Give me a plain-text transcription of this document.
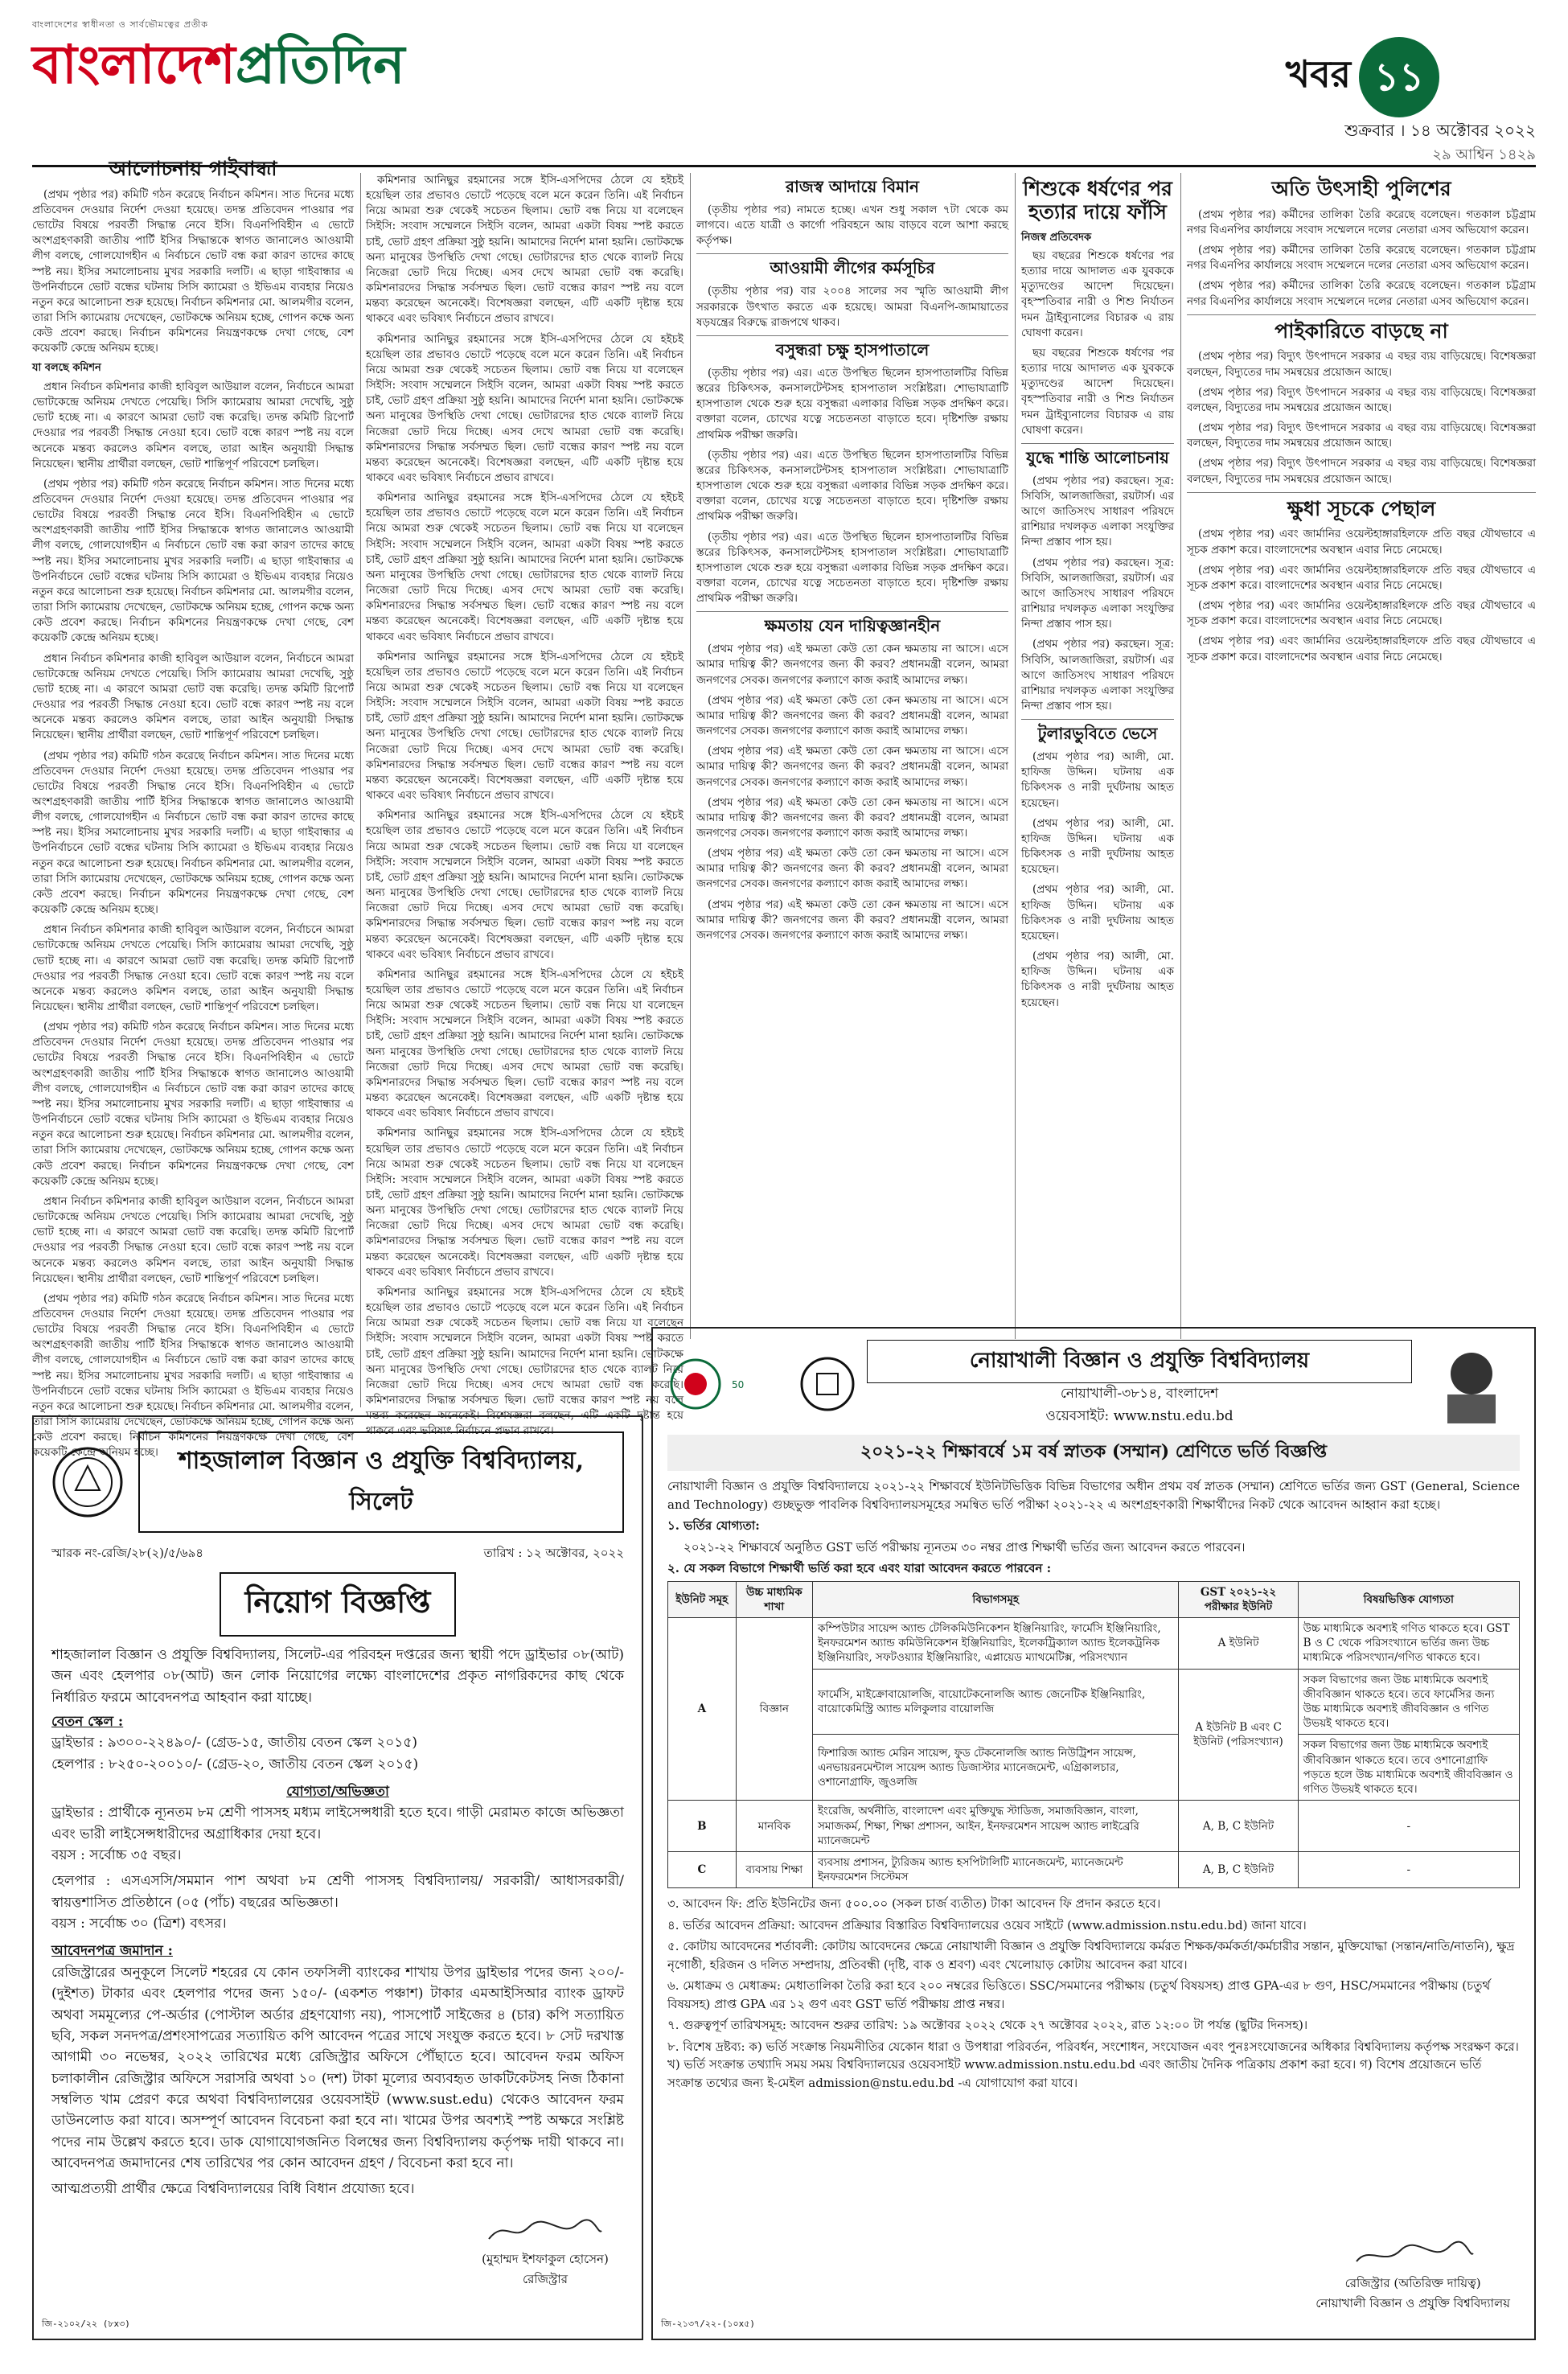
বাংলাদেশের স্বাধীনতা ও সার্বভৌমত্বের প্রতীক
বাংলাদেশপ্রতিদিন	খবর ১১
শুক্রবার । ১৪ অক্টোবর ২০২২
২৯ আশ্বিন ১৪২৯
আলোচনায় গাইবান্ধা

(প্রথম পৃষ্ঠার পর) কমিটি গঠন করেছে নির্বাচন কমিশন। সাত দিনের মধ্যে প্রতিবেদন দেওয়ার নির্দেশ দেওয়া হয়েছে। তদন্ত প্রতিবেদন পাওয়ার পর ভোটের বিষয়ে পরবর্তী সিদ্ধান্ত নেবে ইসি। বিএনপিবিহীন এ ভোটে অংশগ্রহণকারী জাতীয় পার্টি ইসির সিদ্ধান্তকে স্বাগত জানালেও আওয়ামী লীগ বলছে, গোলযোগহীন এ নির্বাচনে ভোট বন্ধ করা কারণ তাদের কাছে স্পষ্ট নয়। ইসির সমালোচনায় মুখর সরকারি দলটি। এ ছাড়া গাইবান্ধার এ উপনির্বাচনে ভোট বন্ধের ঘটনায় সিসি ক্যামেরা ও ইভিএম ব্যবহার নিয়েও নতুন করে আলোচনা শুরু হয়েছে। নির্বাচন কমিশনার মো. আলমগীর বলেন, তারা সিসি ক্যামেরায় দেখেছেন, ভোটকক্ষে অনিয়ম হচ্ছে, গোপন কক্ষে অন্য কেউ প্রবেশ করছে। নির্বাচন কমিশনের নিয়ন্ত্রণকক্ষে দেখা গেছে, বেশ কয়েকটি কেন্দ্রে অনিয়ম হচ্ছে।

যা বলছে কমিশন

প্রধান নির্বাচন কমিশনার কাজী হাবিবুল আউয়াল বলেন, নির্বাচনে আমরা ভোটকেন্দ্রে অনিয়ম দেখতে পেয়েছি। সিসি ক্যামেরায় আমরা দেখেছি, সুষ্ঠু ভোট হচ্ছে না। এ কারণে আমরা ভোট বন্ধ করেছি। তদন্ত কমিটি রিপোর্ট দেওয়ার পর পরবর্তী সিদ্ধান্ত নেওয়া হবে। ভোট বন্ধে কারণ স্পষ্ট নয় বলে অনেকে মন্তব্য করলেও কমিশন বলছে, তারা আইন অনুযায়ী সিদ্ধান্ত নিয়েছেন। স্থানীয় প্রার্থীরা বলছেন, ভোট শান্তিপূর্ণ পরিবেশে চলছিল।

(প্রথম পৃষ্ঠার পর) কমিটি গঠন করেছে নির্বাচন কমিশন। সাত দিনের মধ্যে প্রতিবেদন দেওয়ার নির্দেশ দেওয়া হয়েছে। তদন্ত প্রতিবেদন পাওয়ার পর ভোটের বিষয়ে পরবর্তী সিদ্ধান্ত নেবে ইসি। বিএনপিবিহীন এ ভোটে অংশগ্রহণকারী জাতীয় পার্টি ইসির সিদ্ধান্তকে স্বাগত জানালেও আওয়ামী লীগ বলছে, গোলযোগহীন এ নির্বাচনে ভোট বন্ধ করা কারণ তাদের কাছে স্পষ্ট নয়। ইসির সমালোচনায় মুখর সরকারি দলটি। এ ছাড়া গাইবান্ধার এ উপনির্বাচনে ভোট বন্ধের ঘটনায় সিসি ক্যামেরা ও ইভিএম ব্যবহার নিয়েও নতুন করে আলোচনা শুরু হয়েছে। নির্বাচন কমিশনার মো. আলমগীর বলেন, তারা সিসি ক্যামেরায় দেখেছেন, ভোটকক্ষে অনিয়ম হচ্ছে, গোপন কক্ষে অন্য কেউ প্রবেশ করছে। নির্বাচন কমিশনের নিয়ন্ত্রণকক্ষে দেখা গেছে, বেশ কয়েকটি কেন্দ্রে অনিয়ম হচ্ছে।

প্রধান নির্বাচন কমিশনার কাজী হাবিবুল আউয়াল বলেন, নির্বাচনে আমরা ভোটকেন্দ্রে অনিয়ম দেখতে পেয়েছি। সিসি ক্যামেরায় আমরা দেখেছি, সুষ্ঠু ভোট হচ্ছে না। এ কারণে আমরা ভোট বন্ধ করেছি। তদন্ত কমিটি রিপোর্ট দেওয়ার পর পরবর্তী সিদ্ধান্ত নেওয়া হবে। ভোট বন্ধে কারণ স্পষ্ট নয় বলে অনেকে মন্তব্য করলেও কমিশন বলছে, তারা আইন অনুযায়ী সিদ্ধান্ত নিয়েছেন। স্থানীয় প্রার্থীরা বলছেন, ভোট শান্তিপূর্ণ পরিবেশে চলছিল।

(প্রথম পৃষ্ঠার পর) কমিটি গঠন করেছে নির্বাচন কমিশন। সাত দিনের মধ্যে প্রতিবেদন দেওয়ার নির্দেশ দেওয়া হয়েছে। তদন্ত প্রতিবেদন পাওয়ার পর ভোটের বিষয়ে পরবর্তী সিদ্ধান্ত নেবে ইসি। বিএনপিবিহীন এ ভোটে অংশগ্রহণকারী জাতীয় পার্টি ইসির সিদ্ধান্তকে স্বাগত জানালেও আওয়ামী লীগ বলছে, গোলযোগহীন এ নির্বাচনে ভোট বন্ধ করা কারণ তাদের কাছে স্পষ্ট নয়। ইসির সমালোচনায় মুখর সরকারি দলটি। এ ছাড়া গাইবান্ধার এ উপনির্বাচনে ভোট বন্ধের ঘটনায় সিসি ক্যামেরা ও ইভিএম ব্যবহার নিয়েও নতুন করে আলোচনা শুরু হয়েছে। নির্বাচন কমিশনার মো. আলমগীর বলেন, তারা সিসি ক্যামেরায় দেখেছেন, ভোটকক্ষে অনিয়ম হচ্ছে, গোপন কক্ষে অন্য কেউ প্রবেশ করছে। নির্বাচন কমিশনের নিয়ন্ত্রণকক্ষে দেখা গেছে, বেশ কয়েকটি কেন্দ্রে অনিয়ম হচ্ছে।

প্রধান নির্বাচন কমিশনার কাজী হাবিবুল আউয়াল বলেন, নির্বাচনে আমরা ভোটকেন্দ্রে অনিয়ম দেখতে পেয়েছি। সিসি ক্যামেরায় আমরা দেখেছি, সুষ্ঠু ভোট হচ্ছে না। এ কারণে আমরা ভোট বন্ধ করেছি। তদন্ত কমিটি রিপোর্ট দেওয়ার পর পরবর্তী সিদ্ধান্ত নেওয়া হবে। ভোট বন্ধে কারণ স্পষ্ট নয় বলে অনেকে মন্তব্য করলেও কমিশন বলছে, তারা আইন অনুযায়ী সিদ্ধান্ত নিয়েছেন। স্থানীয় প্রার্থীরা বলছেন, ভোট শান্তিপূর্ণ পরিবেশে চলছিল।

(প্রথম পৃষ্ঠার পর) কমিটি গঠন করেছে নির্বাচন কমিশন। সাত দিনের মধ্যে প্রতিবেদন দেওয়ার নির্দেশ দেওয়া হয়েছে। তদন্ত প্রতিবেদন পাওয়ার পর ভোটের বিষয়ে পরবর্তী সিদ্ধান্ত নেবে ইসি। বিএনপিবিহীন এ ভোটে অংশগ্রহণকারী জাতীয় পার্টি ইসির সিদ্ধান্তকে স্বাগত জানালেও আওয়ামী লীগ বলছে, গোলযোগহীন এ নির্বাচনে ভোট বন্ধ করা কারণ তাদের কাছে স্পষ্ট নয়। ইসির সমালোচনায় মুখর সরকারি দলটি। এ ছাড়া গাইবান্ধার এ উপনির্বাচনে ভোট বন্ধের ঘটনায় সিসি ক্যামেরা ও ইভিএম ব্যবহার নিয়েও নতুন করে আলোচনা শুরু হয়েছে। নির্বাচন কমিশনার মো. আলমগীর বলেন, তারা সিসি ক্যামেরায় দেখেছেন, ভোটকক্ষে অনিয়ম হচ্ছে, গোপন কক্ষে অন্য কেউ প্রবেশ করছে। নির্বাচন কমিশনের নিয়ন্ত্রণকক্ষে দেখা গেছে, বেশ কয়েকটি কেন্দ্রে অনিয়ম হচ্ছে।

প্রধান নির্বাচন কমিশনার কাজী হাবিবুল আউয়াল বলেন, নির্বাচনে আমরা ভোটকেন্দ্রে অনিয়ম দেখতে পেয়েছি। সিসি ক্যামেরায় আমরা দেখেছি, সুষ্ঠু ভোট হচ্ছে না। এ কারণে আমরা ভোট বন্ধ করেছি। তদন্ত কমিটি রিপোর্ট দেওয়ার পর পরবর্তী সিদ্ধান্ত নেওয়া হবে। ভোট বন্ধে কারণ স্পষ্ট নয় বলে অনেকে মন্তব্য করলেও কমিশন বলছে, তারা আইন অনুযায়ী সিদ্ধান্ত নিয়েছেন। স্থানীয় প্রার্থীরা বলছেন, ভোট শান্তিপূর্ণ পরিবেশে চলছিল।

(প্রথম পৃষ্ঠার পর) কমিটি গঠন করেছে নির্বাচন কমিশন। সাত দিনের মধ্যে প্রতিবেদন দেওয়ার নির্দেশ দেওয়া হয়েছে। তদন্ত প্রতিবেদন পাওয়ার পর ভোটের বিষয়ে পরবর্তী সিদ্ধান্ত নেবে ইসি। বিএনপিবিহীন এ ভোটে অংশগ্রহণকারী জাতীয় পার্টি ইসির সিদ্ধান্তকে স্বাগত জানালেও আওয়ামী লীগ বলছে, গোলযোগহীন এ নির্বাচনে ভোট বন্ধ করা কারণ তাদের কাছে স্পষ্ট নয়। ইসির সমালোচনায় মুখর সরকারি দলটি। এ ছাড়া গাইবান্ধার এ উপনির্বাচনে ভোট বন্ধের ঘটনায় সিসি ক্যামেরা ও ইভিএম ব্যবহার নিয়েও নতুন করে আলোচনা শুরু হয়েছে। নির্বাচন কমিশনার মো. আলমগীর বলেন, তারা সিসি ক্যামেরায় দেখেছেন, ভোটকক্ষে অনিয়ম হচ্ছে, গোপন কক্ষে অন্য কেউ প্রবেশ করছে। নির্বাচন কমিশনের নিয়ন্ত্রণকক্ষে দেখা গেছে, বেশ কয়েকটি কেন্দ্রে অনিয়ম হচ্ছে।

কমিশনার আনিছুর রহমানের সঙ্গে ইসি-এসপিদের ঠেলে যে হইচই হয়েছিল তার প্রভাবও ভোটে পড়েছে বলে মনে করেন তিনি। এই নির্বাচন নিয়ে আমরা শুরু থেকেই সচেতন ছিলাম। ভোট বন্ধ নিয়ে যা বলেছেন সিইসি: সংবাদ সম্মেলনে সিইসি বলেন, আমরা একটা বিষয় স্পষ্ট করতে চাই, ভোট গ্রহণ প্রক্রিয়া সুষ্ঠু হয়নি। আমাদের নির্দেশ মানা হয়নি। ভোটকক্ষে অন্য মানুষের উপস্থিতি দেখা গেছে। ভোটারদের হাত থেকে ব্যালট নিয়ে নিজেরা ভোট দিয়ে দিচ্ছে। এসব দেখে আমরা ভোট বন্ধ করেছি। কমিশনারদের সিদ্ধান্ত সর্বসম্মত ছিল। ভোট বন্ধের কারণ স্পষ্ট নয় বলে মন্তব্য করেছেন অনেকেই। বিশেষজ্ঞরা বলছেন, এটি একটি দৃষ্টান্ত হয়ে থাকবে এবং ভবিষ্যৎ নির্বাচনে প্রভাব রাখবে।

কমিশনার আনিছুর রহমানের সঙ্গে ইসি-এসপিদের ঠেলে যে হইচই হয়েছিল তার প্রভাবও ভোটে পড়েছে বলে মনে করেন তিনি। এই নির্বাচন নিয়ে আমরা শুরু থেকেই সচেতন ছিলাম। ভোট বন্ধ নিয়ে যা বলেছেন সিইসি: সংবাদ সম্মেলনে সিইসি বলেন, আমরা একটা বিষয় স্পষ্ট করতে চাই, ভোট গ্রহণ প্রক্রিয়া সুষ্ঠু হয়নি। আমাদের নির্দেশ মানা হয়নি। ভোটকক্ষে অন্য মানুষের উপস্থিতি দেখা গেছে। ভোটারদের হাত থেকে ব্যালট নিয়ে নিজেরা ভোট দিয়ে দিচ্ছে। এসব দেখে আমরা ভোট বন্ধ করেছি। কমিশনারদের সিদ্ধান্ত সর্বসম্মত ছিল। ভোট বন্ধের কারণ স্পষ্ট নয় বলে মন্তব্য করেছেন অনেকেই। বিশেষজ্ঞরা বলছেন, এটি একটি দৃষ্টান্ত হয়ে থাকবে এবং ভবিষ্যৎ নির্বাচনে প্রভাব রাখবে।

কমিশনার আনিছুর রহমানের সঙ্গে ইসি-এসপিদের ঠেলে যে হইচই হয়েছিল তার প্রভাবও ভোটে পড়েছে বলে মনে করেন তিনি। এই নির্বাচন নিয়ে আমরা শুরু থেকেই সচেতন ছিলাম। ভোট বন্ধ নিয়ে যা বলেছেন সিইসি: সংবাদ সম্মেলনে সিইসি বলেন, আমরা একটা বিষয় স্পষ্ট করতে চাই, ভোট গ্রহণ প্রক্রিয়া সুষ্ঠু হয়নি। আমাদের নির্দেশ মানা হয়নি। ভোটকক্ষে অন্য মানুষের উপস্থিতি দেখা গেছে। ভোটারদের হাত থেকে ব্যালট নিয়ে নিজেরা ভোট দিয়ে দিচ্ছে। এসব দেখে আমরা ভোট বন্ধ করেছি। কমিশনারদের সিদ্ধান্ত সর্বসম্মত ছিল। ভোট বন্ধের কারণ স্পষ্ট নয় বলে মন্তব্য করেছেন অনেকেই। বিশেষজ্ঞরা বলছেন, এটি একটি দৃষ্টান্ত হয়ে থাকবে এবং ভবিষ্যৎ নির্বাচনে প্রভাব রাখবে।

কমিশনার আনিছুর রহমানের সঙ্গে ইসি-এসপিদের ঠেলে যে হইচই হয়েছিল তার প্রভাবও ভোটে পড়েছে বলে মনে করেন তিনি। এই নির্বাচন নিয়ে আমরা শুরু থেকেই সচেতন ছিলাম। ভোট বন্ধ নিয়ে যা বলেছেন সিইসি: সংবাদ সম্মেলনে সিইসি বলেন, আমরা একটা বিষয় স্পষ্ট করতে চাই, ভোট গ্রহণ প্রক্রিয়া সুষ্ঠু হয়নি। আমাদের নির্দেশ মানা হয়নি। ভোটকক্ষে অন্য মানুষের উপস্থিতি দেখা গেছে। ভোটারদের হাত থেকে ব্যালট নিয়ে নিজেরা ভোট দিয়ে দিচ্ছে। এসব দেখে আমরা ভোট বন্ধ করেছি। কমিশনারদের সিদ্ধান্ত সর্বসম্মত ছিল। ভোট বন্ধের কারণ স্পষ্ট নয় বলে মন্তব্য করেছেন অনেকেই। বিশেষজ্ঞরা বলছেন, এটি একটি দৃষ্টান্ত হয়ে থাকবে এবং ভবিষ্যৎ নির্বাচনে প্রভাব রাখবে।

কমিশনার আনিছুর রহমানের সঙ্গে ইসি-এসপিদের ঠেলে যে হইচই হয়েছিল তার প্রভাবও ভোটে পড়েছে বলে মনে করেন তিনি। এই নির্বাচন নিয়ে আমরা শুরু থেকেই সচেতন ছিলাম। ভোট বন্ধ নিয়ে যা বলেছেন সিইসি: সংবাদ সম্মেলনে সিইসি বলেন, আমরা একটা বিষয় স্পষ্ট করতে চাই, ভোট গ্রহণ প্রক্রিয়া সুষ্ঠু হয়নি। আমাদের নির্দেশ মানা হয়নি। ভোটকক্ষে অন্য মানুষের উপস্থিতি দেখা গেছে। ভোটারদের হাত থেকে ব্যালট নিয়ে নিজেরা ভোট দিয়ে দিচ্ছে। এসব দেখে আমরা ভোট বন্ধ করেছি। কমিশনারদের সিদ্ধান্ত সর্বসম্মত ছিল। ভোট বন্ধের কারণ স্পষ্ট নয় বলে মন্তব্য করেছেন অনেকেই। বিশেষজ্ঞরা বলছেন, এটি একটি দৃষ্টান্ত হয়ে থাকবে এবং ভবিষ্যৎ নির্বাচনে প্রভাব রাখবে।

কমিশনার আনিছুর রহমানের সঙ্গে ইসি-এসপিদের ঠেলে যে হইচই হয়েছিল তার প্রভাবও ভোটে পড়েছে বলে মনে করেন তিনি। এই নির্বাচন নিয়ে আমরা শুরু থেকেই সচেতন ছিলাম। ভোট বন্ধ নিয়ে যা বলেছেন সিইসি: সংবাদ সম্মেলনে সিইসি বলেন, আমরা একটা বিষয় স্পষ্ট করতে চাই, ভোট গ্রহণ প্রক্রিয়া সুষ্ঠু হয়নি। আমাদের নির্দেশ মানা হয়নি। ভোটকক্ষে অন্য মানুষের উপস্থিতি দেখা গেছে। ভোটারদের হাত থেকে ব্যালট নিয়ে নিজেরা ভোট দিয়ে দিচ্ছে। এসব দেখে আমরা ভোট বন্ধ করেছি। কমিশনারদের সিদ্ধান্ত সর্বসম্মত ছিল। ভোট বন্ধের কারণ স্পষ্ট নয় বলে মন্তব্য করেছেন অনেকেই। বিশেষজ্ঞরা বলছেন, এটি একটি দৃষ্টান্ত হয়ে থাকবে এবং ভবিষ্যৎ নির্বাচনে প্রভাব রাখবে।

কমিশনার আনিছুর রহমানের সঙ্গে ইসি-এসপিদের ঠেলে যে হইচই হয়েছিল তার প্রভাবও ভোটে পড়েছে বলে মনে করেন তিনি। এই নির্বাচন নিয়ে আমরা শুরু থেকেই সচেতন ছিলাম। ভোট বন্ধ নিয়ে যা বলেছেন সিইসি: সংবাদ সম্মেলনে সিইসি বলেন, আমরা একটা বিষয় স্পষ্ট করতে চাই, ভোট গ্রহণ প্রক্রিয়া সুষ্ঠু হয়নি। আমাদের নির্দেশ মানা হয়নি। ভোটকক্ষে অন্য মানুষের উপস্থিতি দেখা গেছে। ভোটারদের হাত থেকে ব্যালট নিয়ে নিজেরা ভোট দিয়ে দিচ্ছে। এসব দেখে আমরা ভোট বন্ধ করেছি। কমিশনারদের সিদ্ধান্ত সর্বসম্মত ছিল। ভোট বন্ধের কারণ স্পষ্ট নয় বলে মন্তব্য করেছেন অনেকেই। বিশেষজ্ঞরা বলছেন, এটি একটি দৃষ্টান্ত হয়ে থাকবে এবং ভবিষ্যৎ নির্বাচনে প্রভাব রাখবে।

কমিশনার আনিছুর রহমানের সঙ্গে ইসি-এসপিদের ঠেলে যে হইচই হয়েছিল তার প্রভাবও ভোটে পড়েছে বলে মনে করেন তিনি। এই নির্বাচন নিয়ে আমরা শুরু থেকেই সচেতন ছিলাম। ভোট বন্ধ নিয়ে যা বলেছেন সিইসি: সংবাদ সম্মেলনে সিইসি বলেন, আমরা একটা বিষয় স্পষ্ট করতে চাই, ভোট গ্রহণ প্রক্রিয়া সুষ্ঠু হয়নি। আমাদের নির্দেশ মানা হয়নি। ভোটকক্ষে অন্য মানুষের উপস্থিতি দেখা গেছে। ভোটারদের হাত থেকে ব্যালট নিয়ে নিজেরা ভোট দিয়ে দিচ্ছে। এসব দেখে আমরা ভোট বন্ধ করেছি। কমিশনারদের সিদ্ধান্ত সর্বসম্মত ছিল। ভোট বন্ধের কারণ স্পষ্ট নয় বলে মন্তব্য করেছেন অনেকেই। বিশেষজ্ঞরা বলছেন, এটি একটি দৃষ্টান্ত হয়ে থাকবে এবং ভবিষ্যৎ নির্বাচনে প্রভাব রাখবে।

রাজস্ব আদায়ে বিমান

(তৃতীয় পৃষ্ঠার পর) নামতে হচ্ছে। এখন শুধু সকাল ৭টা থেকে কম লাগবে। এতে যাত্রী ও কার্গো পরিবহনে আয় বাড়বে বলে আশা করছে কর্তৃপক্ষ।

আওয়ামী লীগের কর্মসূচির

(তৃতীয় পৃষ্ঠার পর) বার ২০০৪ সালের সব স্মৃতি আওয়ামী লীগ সরকারকে উৎখাত করতে এক হয়েছে। আমরা বিএনপি-জামায়াতের ষড়যন্ত্রের বিরুদ্ধে রাজপথে থাকব।

বসুন্ধরা চক্ষু হাসপাতালে

(তৃতীয় পৃষ্ঠার পর) এর। এতে উপস্থিত ছিলেন হাসপাতালটির বিভিন্ন স্তরের চিকিৎসক, কনসালটেন্টসহ হাসপাতাল সংশ্লিষ্টরা। শোভাযাত্রাটি হাসপাতাল থেকে শুরু হয়ে বসুন্ধরা এলাকার বিভিন্ন সড়ক প্রদক্ষিণ করে। বক্তারা বলেন, চোখের যত্নে সচেতনতা বাড়াতে হবে। দৃষ্টিশক্তি রক্ষায় প্রাথমিক পরীক্ষা জরুরি।

(তৃতীয় পৃষ্ঠার পর) এর। এতে উপস্থিত ছিলেন হাসপাতালটির বিভিন্ন স্তরের চিকিৎসক, কনসালটেন্টসহ হাসপাতাল সংশ্লিষ্টরা। শোভাযাত্রাটি হাসপাতাল থেকে শুরু হয়ে বসুন্ধরা এলাকার বিভিন্ন সড়ক প্রদক্ষিণ করে। বক্তারা বলেন, চোখের যত্নে সচেতনতা বাড়াতে হবে। দৃষ্টিশক্তি রক্ষায় প্রাথমিক পরীক্ষা জরুরি।

(তৃতীয় পৃষ্ঠার পর) এর। এতে উপস্থিত ছিলেন হাসপাতালটির বিভিন্ন স্তরের চিকিৎসক, কনসালটেন্টসহ হাসপাতাল সংশ্লিষ্টরা। শোভাযাত্রাটি হাসপাতাল থেকে শুরু হয়ে বসুন্ধরা এলাকার বিভিন্ন সড়ক প্রদক্ষিণ করে। বক্তারা বলেন, চোখের যত্নে সচেতনতা বাড়াতে হবে। দৃষ্টিশক্তি রক্ষায় প্রাথমিক পরীক্ষা জরুরি।

ক্ষমতায় যেন দায়িত্বজ্ঞানহীন

(প্রথম পৃষ্ঠার পর) এই ক্ষমতা কেউ তো কেন ক্ষমতায় না আসে। এসে আমার দায়িত্ব কী? জনগণের জন্য কী করব? প্রধানমন্ত্রী বলেন, আমরা জনগণের সেবক। জনগণের কল্যাণে কাজ করাই আমাদের লক্ষ্য।

(প্রথম পৃষ্ঠার পর) এই ক্ষমতা কেউ তো কেন ক্ষমতায় না আসে। এসে আমার দায়িত্ব কী? জনগণের জন্য কী করব? প্রধানমন্ত্রী বলেন, আমরা জনগণের সেবক। জনগণের কল্যাণে কাজ করাই আমাদের লক্ষ্য।

(প্রথম পৃষ্ঠার পর) এই ক্ষমতা কেউ তো কেন ক্ষমতায় না আসে। এসে আমার দায়িত্ব কী? জনগণের জন্য কী করব? প্রধানমন্ত্রী বলেন, আমরা জনগণের সেবক। জনগণের কল্যাণে কাজ করাই আমাদের লক্ষ্য।

(প্রথম পৃষ্ঠার পর) এই ক্ষমতা কেউ তো কেন ক্ষমতায় না আসে। এসে আমার দায়িত্ব কী? জনগণের জন্য কী করব? প্রধানমন্ত্রী বলেন, আমরা জনগণের সেবক। জনগণের কল্যাণে কাজ করাই আমাদের লক্ষ্য।

(প্রথম পৃষ্ঠার পর) এই ক্ষমতা কেউ তো কেন ক্ষমতায় না আসে। এসে আমার দায়িত্ব কী? জনগণের জন্য কী করব? প্রধানমন্ত্রী বলেন, আমরা জনগণের সেবক। জনগণের কল্যাণে কাজ করাই আমাদের লক্ষ্য।

(প্রথম পৃষ্ঠার পর) এই ক্ষমতা কেউ তো কেন ক্ষমতায় না আসে। এসে আমার দায়িত্ব কী? জনগণের জন্য কী করব? প্রধানমন্ত্রী বলেন, আমরা জনগণের সেবক। জনগণের কল্যাণে কাজ করাই আমাদের লক্ষ্য।

শিশুকে ধর্ষণের পর হত্যার দায়ে ফাঁসি
নিজস্ব প্রতিবেদক

ছয় বছরের শিশুকে ধর্ষণের পর হত্যার দায়ে আদালত এক যুবককে মৃত্যুদণ্ডের আদেশ দিয়েছেন। বৃহস্পতিবার নারী ও শিশু নির্যাতন দমন ট্রাইব্যুনালের বিচারক এ রায় ঘোষণা করেন।

ছয় বছরের শিশুকে ধর্ষণের পর হত্যার দায়ে আদালত এক যুবককে মৃত্যুদণ্ডের আদেশ দিয়েছেন। বৃহস্পতিবার নারী ও শিশু নির্যাতন দমন ট্রাইব্যুনালের বিচারক এ রায় ঘোষণা করেন।

যুদ্ধে শান্তি আলোচনায়

(প্রথম পৃষ্ঠার পর) করছেন। সূত্র: সিবিসি, আলজাজিরা, রয়টার্স। এর আগে জাতিসংঘ সাধারণ পরিষদে রাশিয়ার দখলকৃত এলাকা সংযুক্তির নিন্দা প্রস্তাব পাস হয়।

(প্রথম পৃষ্ঠার পর) করছেন। সূত্র: সিবিসি, আলজাজিরা, রয়টার্স। এর আগে জাতিসংঘ সাধারণ পরিষদে রাশিয়ার দখলকৃত এলাকা সংযুক্তির নিন্দা প্রস্তাব পাস হয়।

(প্রথম পৃষ্ঠার পর) করছেন। সূত্র: সিবিসি, আলজাজিরা, রয়টার্স। এর আগে জাতিসংঘ সাধারণ পরিষদে রাশিয়ার দখলকৃত এলাকা সংযুক্তির নিন্দা প্রস্তাব পাস হয়।

টুলারভুবিতে ভেসে

(প্রথম পৃষ্ঠার পর) আলী, মো. হাফিজ উদ্দিন। ঘটনায় এক চিকিৎসক ও নারী দুর্ঘটনায় আহত হয়েছেন।

(প্রথম পৃষ্ঠার পর) আলী, মো. হাফিজ উদ্দিন। ঘটনায় এক চিকিৎসক ও নারী দুর্ঘটনায় আহত হয়েছেন।

(প্রথম পৃষ্ঠার পর) আলী, মো. হাফিজ উদ্দিন। ঘটনায় এক চিকিৎসক ও নারী দুর্ঘটনায় আহত হয়েছেন।

(প্রথম পৃষ্ঠার পর) আলী, মো. হাফিজ উদ্দিন। ঘটনায় এক চিকিৎসক ও নারী দুর্ঘটনায় আহত হয়েছেন।

অতি উৎসাহী পুলিশের

(প্রথম পৃষ্ঠার পর) কর্মীদের তালিকা তৈরি করেছে বলেছেন। গতকাল চট্টগ্রাম নগর বিএনপির কার্যালয়ে সংবাদ সম্মেলনে দলের নেতারা এসব অভিযোগ করেন।

(প্রথম পৃষ্ঠার পর) কর্মীদের তালিকা তৈরি করেছে বলেছেন। গতকাল চট্টগ্রাম নগর বিএনপির কার্যালয়ে সংবাদ সম্মেলনে দলের নেতারা এসব অভিযোগ করেন।

(প্রথম পৃষ্ঠার পর) কর্মীদের তালিকা তৈরি করেছে বলেছেন। গতকাল চট্টগ্রাম নগর বিএনপির কার্যালয়ে সংবাদ সম্মেলনে দলের নেতারা এসব অভিযোগ করেন।

পাইকারিতে বাড়ছে না

(প্রথম পৃষ্ঠার পর) বিদ্যুৎ উৎপাদনে সরকার এ বছর ব্যয় বাড়িয়েছে। বিশেষজ্ঞরা বলছেন, বিদ্যুতের দাম সমন্বয়ের প্রয়োজন আছে।

(প্রথম পৃষ্ঠার পর) বিদ্যুৎ উৎপাদনে সরকার এ বছর ব্যয় বাড়িয়েছে। বিশেষজ্ঞরা বলছেন, বিদ্যুতের দাম সমন্বয়ের প্রয়োজন আছে।

(প্রথম পৃষ্ঠার পর) বিদ্যুৎ উৎপাদনে সরকার এ বছর ব্যয় বাড়িয়েছে। বিশেষজ্ঞরা বলছেন, বিদ্যুতের দাম সমন্বয়ের প্রয়োজন আছে।

(প্রথম পৃষ্ঠার পর) বিদ্যুৎ উৎপাদনে সরকার এ বছর ব্যয় বাড়িয়েছে। বিশেষজ্ঞরা বলছেন, বিদ্যুতের দাম সমন্বয়ের প্রয়োজন আছে।

ক্ষুধা সূচকে পেছাল

(প্রথম পৃষ্ঠার পর) এবং জার্মানির ওয়েল্টহাঙ্গারহিলফে প্রতি বছর যৌথভাবে এ সূচক প্রকাশ করে। বাংলাদেশের অবস্থান এবার নিচে নেমেছে।

(প্রথম পৃষ্ঠার পর) এবং জার্মানির ওয়েল্টহাঙ্গারহিলফে প্রতি বছর যৌথভাবে এ সূচক প্রকাশ করে। বাংলাদেশের অবস্থান এবার নিচে নেমেছে।

(প্রথম পৃষ্ঠার পর) এবং জার্মানির ওয়েল্টহাঙ্গারহিলফে প্রতি বছর যৌথভাবে এ সূচক প্রকাশ করে। বাংলাদেশের অবস্থান এবার নিচে নেমেছে।

(প্রথম পৃষ্ঠার পর) এবং জার্মানির ওয়েল্টহাঙ্গারহিলফে প্রতি বছর যৌথভাবে এ সূচক প্রকাশ করে। বাংলাদেশের অবস্থান এবার নিচে নেমেছে।

শাহজালাল বিজ্ঞান ও প্রযুক্তি বিশ্ববিদ্যালয়, সিলেট
স্মারক নং-রেজি/২৮(২)/৫/৬৯৪	তারিখ : ১২ অক্টোবর, ২০২২
নিয়োগ বিজ্ঞপ্তি

শাহজালাল বিজ্ঞান ও প্রযুক্তি বিশ্ববিদ্যালয়, সিলেট-এর পরিবহন দপ্তরের জন্য স্থায়ী পদে ড্রাইভার ০৮(আট) জন এবং হেলপার ০৮(আট) জন লোক নিয়োগের লক্ষ্যে বাংলাদেশের প্রকৃত নাগরিকদের কাছ থেকে নির্ধারিত ফরমে আবেদনপত্র আহবান করা যাচ্ছে।

বেতন স্কেল :
ড্রাইভার : ৯৩০০-২২৪৯০/- (গ্রেড-১৫, জাতীয় বেতন স্কেল ২০১৫)
হেলপার : ৮২৫০-২০০১০/- (গ্রেড-২০, জাতীয় বেতন স্কেল ২০১৫)
যোগ্যতা/অভিজ্ঞতা
ড্রাইভার : প্রার্থীকে ন্যূনতম ৮ম শ্রেণী পাসসহ মধ্যম লাইসেন্সধারী হতে হবে। গাড়ী মেরামত কাজে অভিজ্ঞতা এবং ভারী লাইসেন্সধারীদের অগ্রাধিকার দেয়া হবে।
বয়স : সর্বোচ্চ ৩৫ বছর।
হেলপার : এসএসসি/সমমান পাশ অথবা ৮ম শ্রেণী পাসসহ বিশ্ববিদ্যালয়/ সরকারী/ আধাসরকারী/ স্বায়ত্তশাসিত প্রতিষ্ঠানে (০৫ (পাঁচ) বছরের অভিজ্ঞতা।
বয়স : সর্বোচ্চ ৩০ (ত্রিশ) বৎসর।
আবেদনপত্র জমাদান :
রেজিস্ট্রারের অনুকূলে সিলেট শহরের যে কোন তফসিলী ব্যাংকের শাখায় উপর ড্রাইভার পদের জন্য ২০০/-(দুইশত) টাকার এবং হেলপার পদের জন্য ১৫০/- (একশত পঞ্চাশ) টাকার এমআইসিআর ব্যাংক ড্রাফট অথবা সমমূল্যের পে-অর্ডার (পোস্টাল অর্ডার গ্রহণযোগ্য নয়), পাসপোর্ট সাইজের ৪ (চার) কপি সত্যায়িত ছবি, সকল সনদপত্র/প্রশংসাপত্রের সত্যায়িত কপি আবেদন পত্রের সাথে সংযুক্ত করতে হবে। ৮ সেট দরখাস্ত আগামী ৩০ নভেম্বর, ২০২২ তারিখের মধ্যে রেজিস্ট্রার অফিসে পৌঁছাতে হবে। আবেদন ফরম অফিস চলাকালীন রেজিস্ট্রার অফিসে সরাসরি অথবা ১০ (দশ) টাকা মূল্যের অব্যবহৃত ডাকটিকেটসহ নিজ ঠিকানা সম্বলিত খাম প্রেরণ করে অথবা বিশ্ববিদ্যালয়ের ওয়েবসাইট (www.sust.edu) থেকেও আবেদন ফরম ডাউনলোড করা যাবে। অসম্পূর্ণ আবেদন বিবেচনা করা হবে না। খামের উপর অবশ্যই স্পষ্ট অক্ষরে সংশ্লিষ্ট পদের নাম উল্লেখ করতে হবে। ডাক যোগাযোগজনিত বিলম্বের জন্য বিশ্ববিদ্যালয় কর্তৃপক্ষ দায়ী থাকবে না। আবেদনপত্র জমাদানের শেষ তারিখের পর কোন আবেদন গ্রহণ / বিবেচনা করা হবে না।
আত্মপ্রত্যয়ী প্রার্থীর ক্ষেত্রে বিশ্ববিদ্যালয়ের বিধি বিধান প্রযোজ্য হবে।
(মুহাম্মদ ইশফাকুল হোসেন)
রেজিস্ট্রার
জি-২১০২/২২ (৮x৩)
50
নোয়াখালী বিজ্ঞান ও প্রযুক্তি বিশ্ববিদ্যালয়
নোয়াখালী-৩৮১৪, বাংলাদেশ
ওয়েবসাইট: www.nstu.edu.bd
২০২১-২২ শিক্ষাবর্ষে ১ম বর্ষ স্নাতক (সম্মান) শ্রেণিতে ভর্তি বিজ্ঞপ্তি
নোয়াখালী বিজ্ঞান ও প্রযুক্তি বিশ্ববিদ্যালয়ে ২০২১-২২ শিক্ষাবর্ষে ইউনিটভিত্তিক বিভিন্ন বিভাগের অধীন প্রথম বর্ষ স্নাতক (সম্মান) শ্রেণিতে ভর্তির জন্য GST (General, Science and Technology) গুচ্ছভুক্ত পাবলিক বিশ্ববিদ্যালয়সমূহের সমন্বিত ভর্তি পরীক্ষা ২০২১-২২ এ অংশগ্রহণকারী শিক্ষার্থীদের নিকট থেকে আবেদন আহ্বান করা হচ্ছে।
১. ভর্তির যোগ্যতা:
২০২১-২২ শিক্ষাবর্ষে অনুষ্ঠিত GST ভর্তি পরীক্ষায় ন্যূনতম ৩০ নম্বর প্রাপ্ত শিক্ষার্থী ভর্তির জন্য আবেদন করতে পারবেন।
২. যে সকল বিভাগে শিক্ষার্থী ভর্তি করা হবে এবং যারা আবেদন করতে পারবেন :
ইউনিট সমূহ	উচ্চ মাধ্যমিক শাখা	বিভাগসমূহ	GST ২০২১-২২ পরীক্ষার ইউনিট	বিষয়ভিত্তিক যোগ্যতা
A	বিজ্ঞান	কম্পিউটার সায়েন্স অ্যান্ড টেলিকমিউনিকেশন ইঞ্জিনিয়ারিং, ফার্মেসি ইঞ্জিনিয়ারিং, ইনফরমেশন অ্যান্ড কমিউনিকেশন ইঞ্জিনিয়ারিং, ইলেকট্রিক্যাল অ্যান্ড ইলেকট্রনিক ইঞ্জিনিয়ারিং, সফটওয়্যার ইঞ্জিনিয়ারিং, এপ্লায়েড ম্যাথমেটিক্স, পরিসংখ্যান	A ইউনিট	উচ্চ মাধ্যমিকে অবশ্যই গণিত থাকতে হবে। GST B ও C থেকে পরিসংখ্যানে ভর্তির জন্য উচ্চ মাধ্যমিকে পরিসংখ্যান/গণিত থাকতে হবে।
		ফার্মেসি, মাইক্রোবায়োলজি, বায়োটেকনোলজি অ্যান্ড জেনেটিক ইঞ্জিনিয়ারিং, বায়োকেমিস্ট্রি অ্যান্ড মলিকুলার বায়োলজি	A ইউনিট B এবং C ইউনিট (পরিসংখ্যান)	সকল বিভাগের জন্য উচ্চ মাধ্যমিকে অবশ্যই জীববিজ্ঞান থাকতে হবে। তবে ফার্মেসির জন্য উচ্চ মাধ্যমিকে অবশ্যই জীববিজ্ঞান ও গণিত উভয়ই থাকতে হবে।
		ফিশারিজ অ্যান্ড মেরিন সায়েন্স, ফুড টেকনোলজি অ্যান্ড নিউট্রিশন সায়েন্স, এনভায়রনমেন্টাল সায়েন্স অ্যান্ড ডিজাস্টার ম্যানেজমেন্ট, এগ্রিকালচার, ওশানোগ্রাফি, জুওলজি		সকল বিভাগের জন্য উচ্চ মাধ্যমিকে অবশ্যই জীববিজ্ঞান থাকতে হবে। তবে ওশানোগ্রাফি পড়তে হলে উচ্চ মাধ্যমিকে অবশ্যই জীববিজ্ঞান ও গণিত উভয়ই থাকতে হবে।
B	মানবিক	ইংরেজি, অর্থনীতি, বাংলাদেশ এবং মুক্তিযুদ্ধ স্টাডিজ, সমাজবিজ্ঞান, বাংলা, সমাজকর্ম, শিক্ষা, শিক্ষা প্রশাসন, আইন, ইনফরমেশন সায়েন্স অ্যান্ড লাইব্রেরি ম্যানেজমেন্ট	A, B, C ইউনিট	-
C	ব্যবসায় শিক্ষা	ব্যবসায় প্রশাসন, ট্যুরিজম অ্যান্ড হসপিটালিটি ম্যানেজমেন্ট, ম্যানেজমেন্ট ইনফরমেশন সিস্টেমস	A, B, C ইউনিট	-
৩. আবেদন ফি: প্রতি ইউনিটের জন্য ৫০০.০০ (সকল চার্জ ব্যতীত) টাকা আবেদন ফি প্রদান করতে হবে।
৪. ভর্তির আবেদন প্রক্রিয়া: আবেদন প্রক্রিয়ার বিস্তারিত বিশ্ববিদ্যালয়ের ওয়েব সাইটে (www.admission.nstu.edu.bd) জানা যাবে।
৫. কোটায় আবেদনের শর্তাবলী: কোটায় আবেদনের ক্ষেত্রে নোয়াখালী বিজ্ঞান ও প্রযুক্তি বিশ্ববিদ্যালয়ে কর্মরত শিক্ষক/কর্মকর্তা/কর্মচারীর সন্তান, মুক্তিযোদ্ধা (সন্তান/নাতি/নাতনি), ক্ষুদ্র নৃগোষ্ঠী, হরিজন ও দলিত সম্প্রদায়, প্রতিবন্ধী (দৃষ্টি, বাক ও শ্রবণ) এবং খেলোয়াড় কোটায় আবেদন করা যাবে।
৬. মেধাক্রম ও মেধাক্রম: মেধাতালিকা তৈরি করা হবে ২০০ নম্বরের ভিত্তিতে। SSC/সমমানের পরীক্ষায় (চতুর্থ বিষয়সহ) প্রাপ্ত GPA-এর ৮ গুণ, HSC/সমমানের পরীক্ষায় (চতুর্থ বিষয়সহ) প্রাপ্ত GPA এর ১২ গুণ এবং GST ভর্তি পরীক্ষায় প্রাপ্ত নম্বর।
৭. গুরুত্বপূর্ণ তারিখসমূহ: আবেদন শুরুর তারিখ: ১৯ অক্টোবর ২০২২ থেকে ২৭ অক্টোবর ২০২২, রাত ১২:০০ টা পর্যন্ত (ছুটির দিনসহ)।
৮. বিশেষ দ্রষ্টব্য: ক) ভর্তি সংক্রান্ত নিয়মনীতির যেকোন ধারা ও উপধারা পরিবর্তন, পরিবর্ধন, সংশোধন, সংযোজন এবং পুনঃসংযোজনের অধিকার বিশ্ববিদ্যালয় কর্তৃপক্ষ সংরক্ষণ করে। খ) ভর্তি সংক্রান্ত তথ্যাদি সময় সময় বিশ্ববিদ্যালয়ের ওয়েবসাইট www.admission.nstu.edu.bd এবং জাতীয় দৈনিক পত্রিকায় প্রকাশ করা হবে। গ) বিশেষ প্রয়োজনে ভর্তি সংক্রান্ত তথ্যের জন্য ই-মেইল admission@nstu.edu.bd -এ যোগাযোগ করা যাবে।
রেজিস্ট্রার (অতিরিক্ত দায়িত্ব)
নোয়াখালী বিজ্ঞান ও প্রযুক্তি বিশ্ববিদ্যালয়
জি-২১৩৭/২২-(১০x৫)
